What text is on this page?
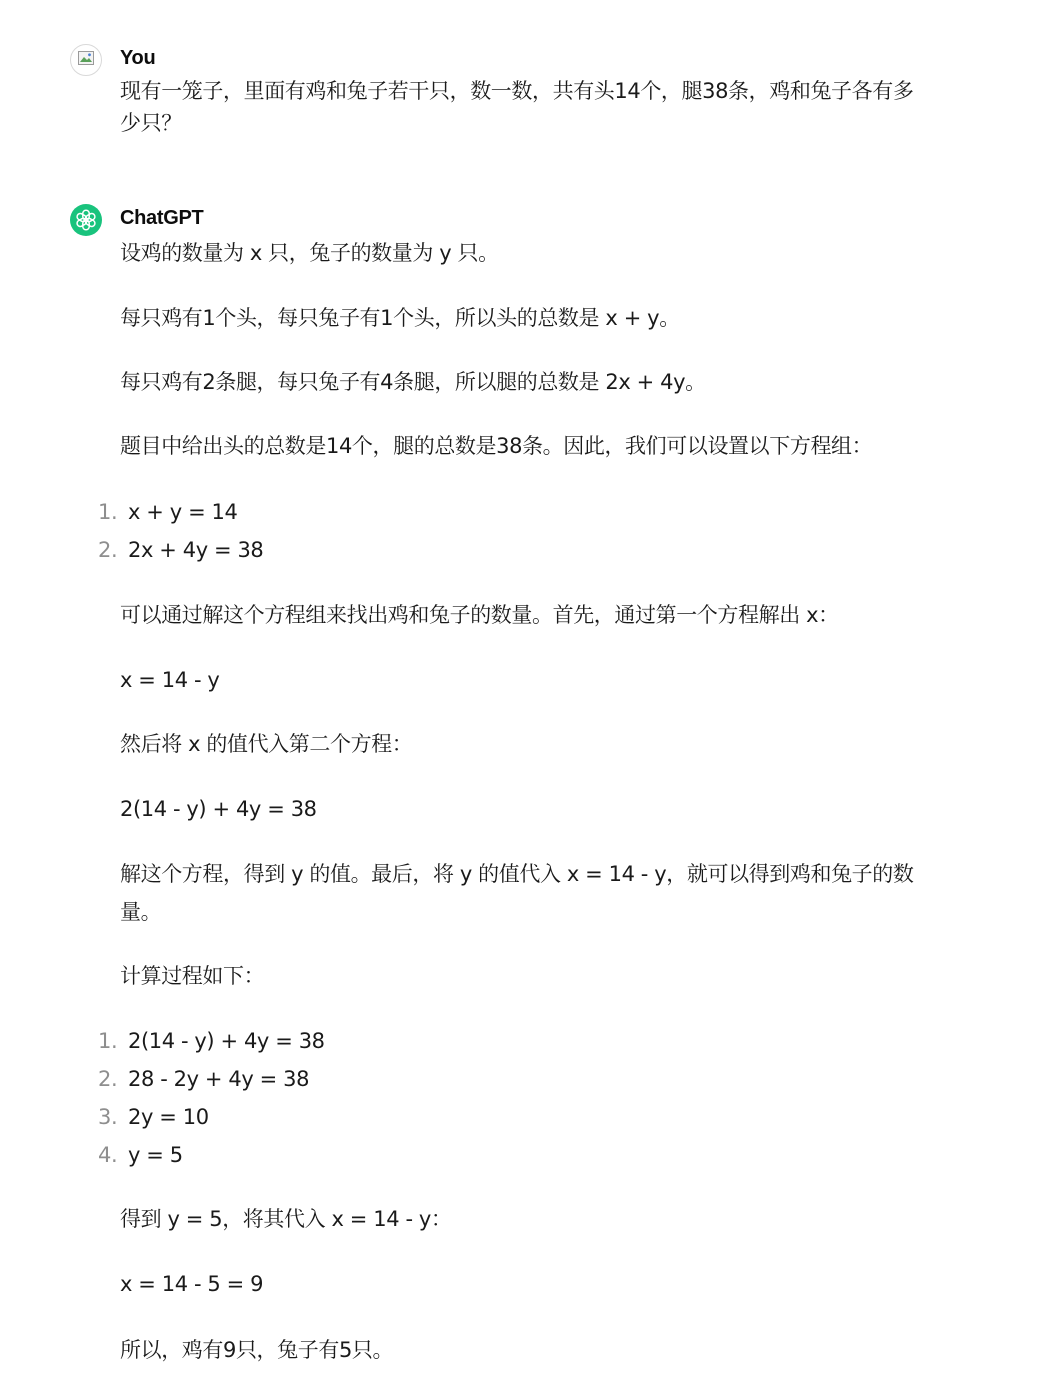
You
现有一笼子，里面有鸡和兔子若干只，数一数，共有头14个，腿38条，鸡和兔子各有多
少只？
ChatGPT
设鸡的数量为 x 只，兔子的数量为 y 只。
每只鸡有1个头，每只兔子有1个头，所以头的总数是 x + y。
每只鸡有2条腿，每只兔子有4条腿，所以腿的总数是 2x + 4y。
题目中给出头的总数是14个，腿的总数是38条。因此，我们可以设置以下方程组：
1. x + y = 14
2. 2x + 4y = 38
可以通过解这个方程组来找出鸡和兔子的数量。首先，通过第一个方程解出 x：
x = 14 - y
然后将 x 的值代入第二个方程：
2(14 - y) + 4y = 38
解这个方程，得到 y 的值。最后，将 y 的值代入 x = 14 - y，就可以得到鸡和兔子的数
量。
计算过程如下：
1. 2(14 - y) + 4y = 38
2. 28 - 2y + 4y = 38
3. 2y = 10
4. y = 5
得到 y = 5，将其代入 x = 14 - y：
x = 14 - 5 = 9
所以，鸡有9只，兔子有5只。
